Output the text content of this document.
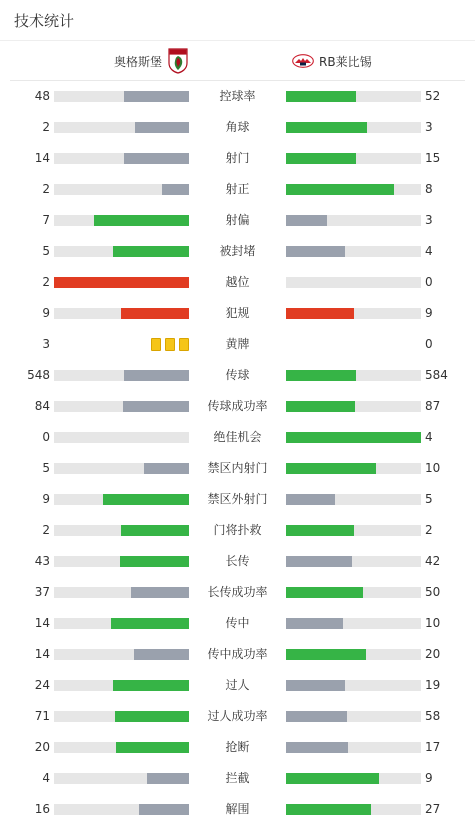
技术统计
奥格斯堡	RB莱比锡
48	控球率	52
2	角球	3
14	射门	15
2	射正	8
7	射偏	3
5	被封堵	4
2	越位	0
9	犯规	9
3	黄牌	0
548	传球	584
84	传球成功率	87
0	绝佳机会	4
5	禁区内射门	10
9	禁区外射门	5
2	门将扑救	2
43	长传	42
37	长传成功率	50
14	传中	10
14	传中成功率	20
24	过人	19
71	过人成功率	58
20	抢断	17
4	拦截	9
16	解围	27
